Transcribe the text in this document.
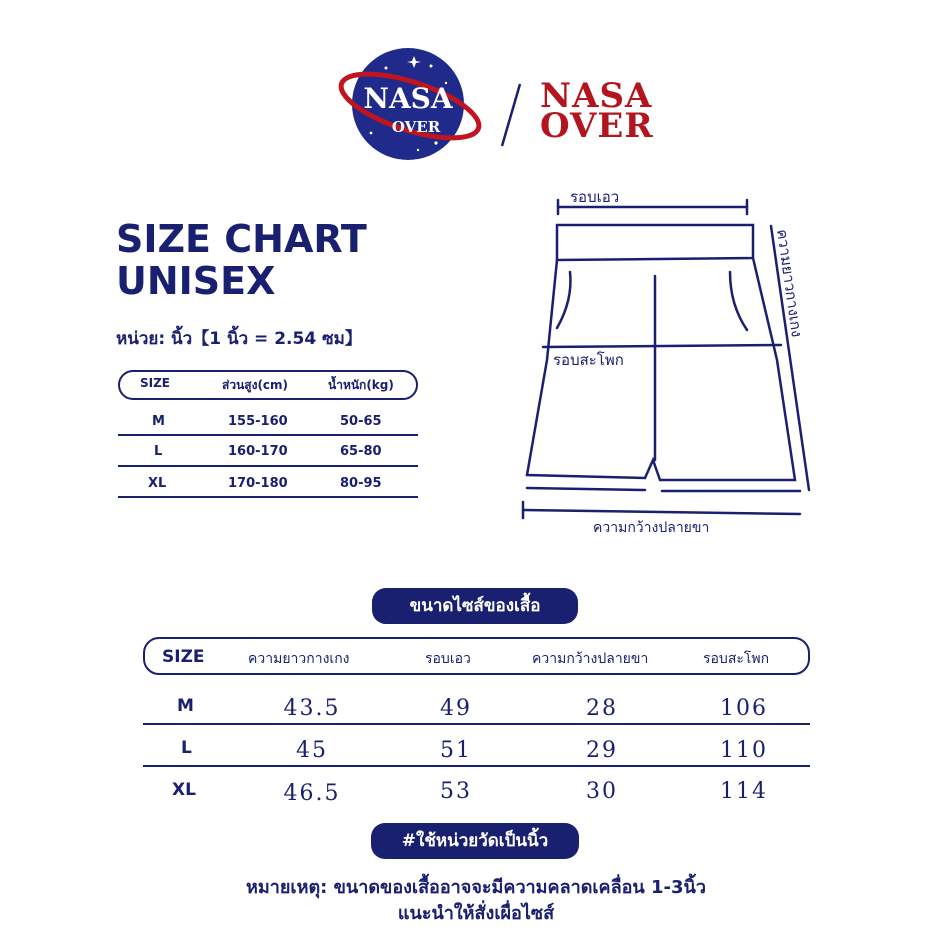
NASA
OVER
NASA
OVER
SIZE CHART
UNISEX
หน่วย: นิ้ว【1 นิ้ว = 2.54 ซม】
SIZE	ส่วนสูง(cm)	น้ำหนัก(kg)
M	155-160	50-65
L	160-170	65-80
XL	170-180	80-95
รอบเอว
รอบสะโพก
ความยาวกางเกง
ความกว้างปลายขา
ขนาดไซส์ของเสื้อ
SIZE	ความยาวกางเกง	รอบเอว	ความกว้างปลายขา	รอบสะโพก
M	43.5	49	28	106
L	45	51	29	110
XL	46.5	53	30	114
#ใช้หน่วยวัดเป็นนิ้ว
หมายเหตุ: ขนาดของเสื้ออาจจะมีความคลาดเคลื่อน 1-3นิ้ว
แนะนำให้สั่งเผื่อไซส์
